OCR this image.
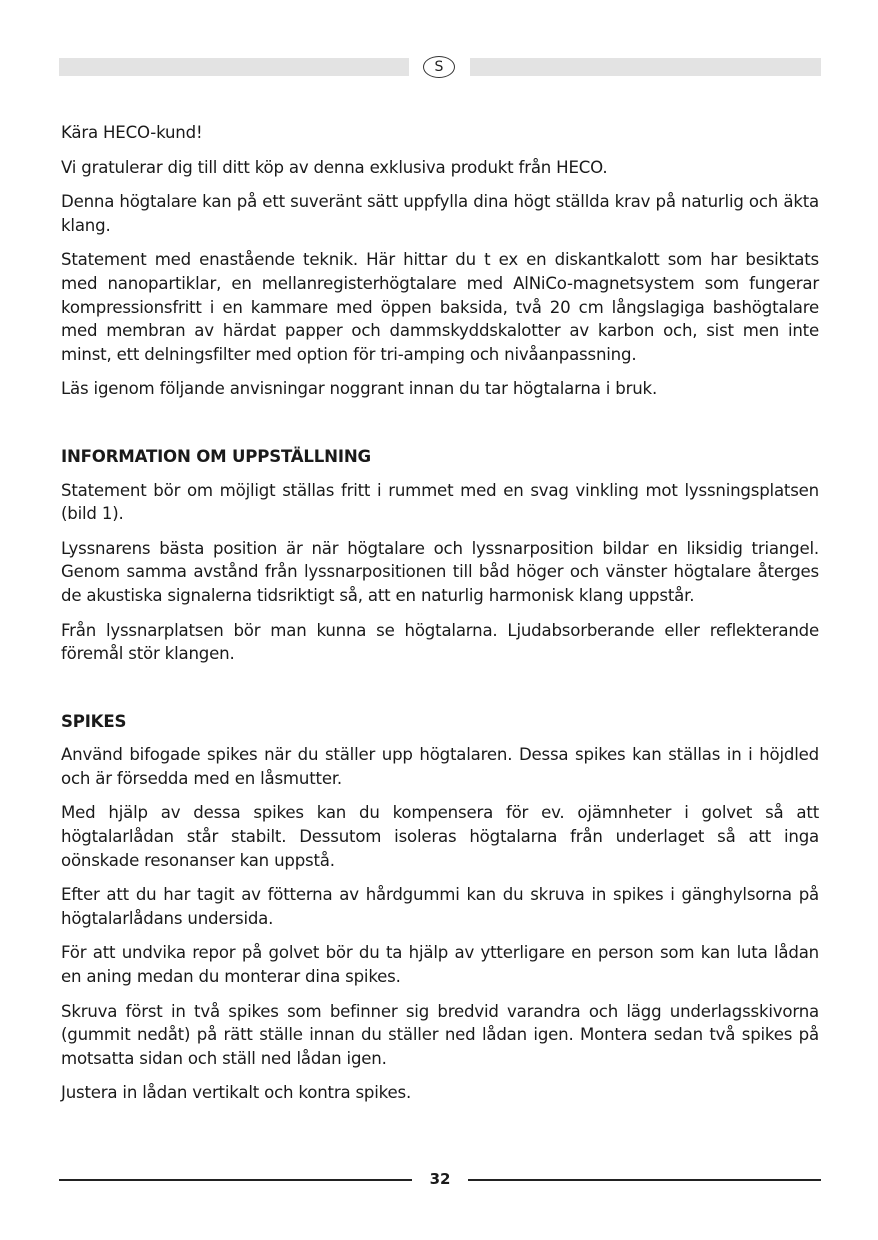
S

Kära HECO-kund!

Vi gratulerar dig till ditt köp av denna exklusiva produkt från HECO.

Denna högtalare kan på ett suveränt sätt uppfylla dina högt ställda krav på naturlig och äkta klang.

Statement med enastående teknik. Här hittar du t ex en diskantkalott som har besiktats med nanopartiklar, en mellanregisterhögtalare med AlNiCo-magnetsystem som fungerar kompressionsfritt i en kammare med öppen baksida, två 20 cm långslagiga bashögtalare med membran av härdat papper och dammskyddskalotter av karbon och, sist men inte minst, ett delningsfilter med option för tri-amping och nivåanpassning.

Läs igenom följande anvisningar noggrant innan du tar högtalarna i bruk.

INFORMATION OM UPPSTÄLLNING

Statement bör om möjligt ställas fritt i rummet med en svag vinkling mot lyssningsplatsen (bild 1).

Lyssnarens bästa position är när högtalare och lyssnarposition bildar en liksidig triangel. Genom samma avstånd från lyssnarpositionen till båd höger och vänster högtalare återges de akustiska signalerna tidsriktigt så, att en naturlig harmonisk klang uppstår.

Från lyssnarplatsen bör man kunna se högtalarna. Ljudabsorberande eller reflekterande föremål stör klangen.

SPIKES

Använd bifogade spikes när du ställer upp högtalaren. Dessa spikes kan ställas in i höjdled och är försedda med en låsmutter.

Med hjälp av dessa spikes kan du kompensera för ev. ojämnheter i golvet så att högtalarlådan står stabilt. Dessutom isoleras högtalarna från underlaget så att inga oönskade resonanser kan uppstå.

Efter att du har tagit av fötterna av hårdgummi kan du skruva in spikes i gänghylsorna på högtalarlådans undersida.

För att undvika repor på golvet bör du ta hjälp av ytterligare en person som kan luta lådan en aning medan du monterar dina spikes.

Skruva först in två spikes som befinner sig bredvid varandra och lägg underlagsskivorna (gummit nedåt) på rätt ställe innan du ställer ned lådan igen. Montera sedan två spikes på motsatta sidan och ställ ned lådan igen.

Justera in lådan vertikalt och kontra spikes.

32
